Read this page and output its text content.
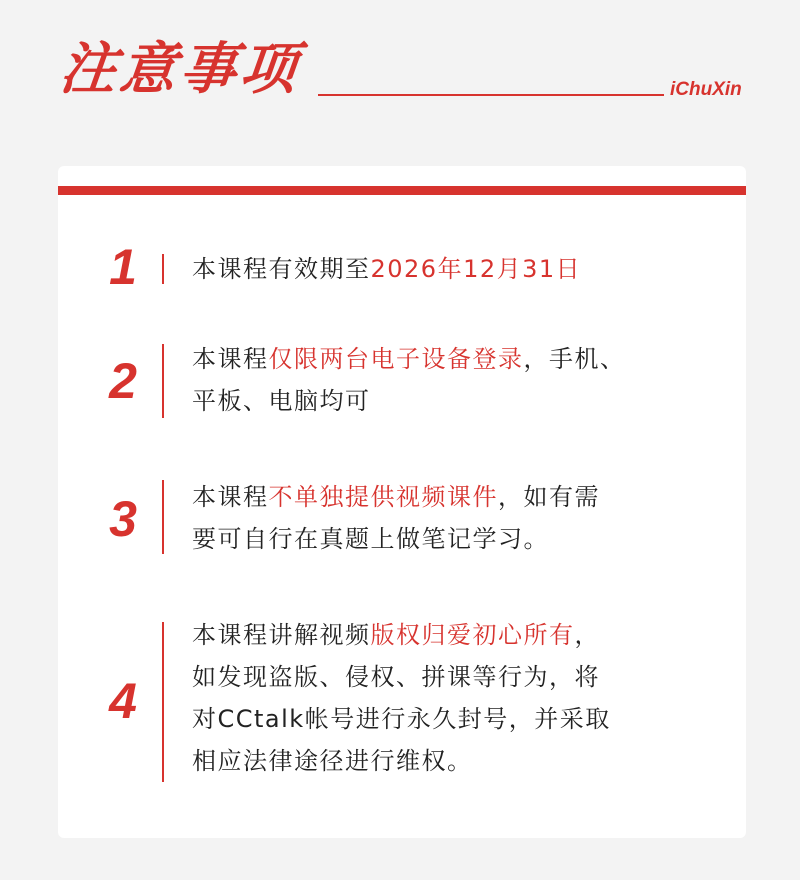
注意事项	iChuXin
1	本课程有效期至2026年12月31日
2	本课程仅限两台电子设备登录，手机、
平板、电脑均可
3	本课程不单独提供视频课件，如有需
要可自行在真题上做笔记学习。
4
本课程讲解视频版权归爱初心所有，
如发现盗版、侵权、拼课等行为，将
对CCtalk帐号进行永久封号，并采取
相应法律途径进行维权。
